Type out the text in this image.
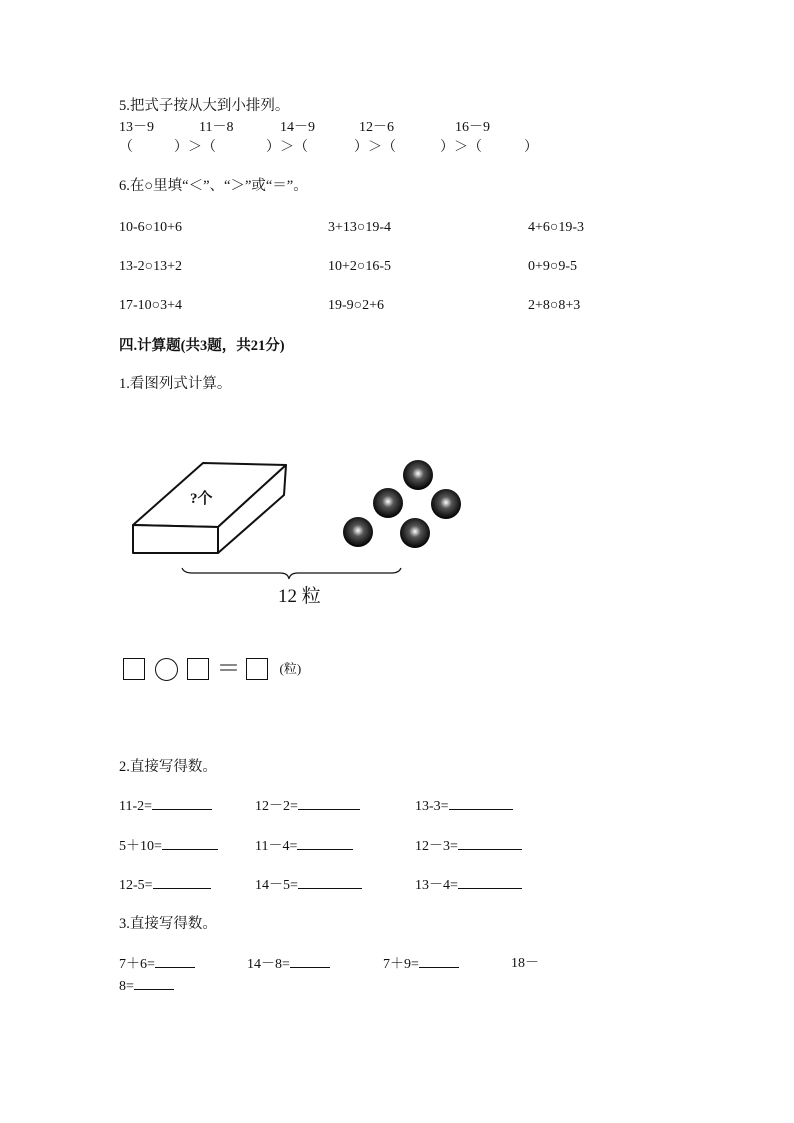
5.把式子按从大到小排列。
13－9	11－8	14－9	12－6	16－9
（	）＞（	）＞（	）＞（	）＞（	）
6.在○里填“＜”、“＞”或“＝”。
10-6○10+6	3+13○19-4	4+6○19-3
13-2○13+2	10+2○16-5	0+9○9-5
17-10○3+4	19-9○2+6	2+8○8+3
四.计算题(共3题，共21分)
1.看图列式计算。
?个
12 粒
＝	(粒)
2.直接写得数。
11-2=	12－2=	13-3=
5＋10=	11－4=	12－3=
12-5=	14－5=	13－4=
3.直接写得数。
7＋6=	14－8=	7＋9=	18－
8=
